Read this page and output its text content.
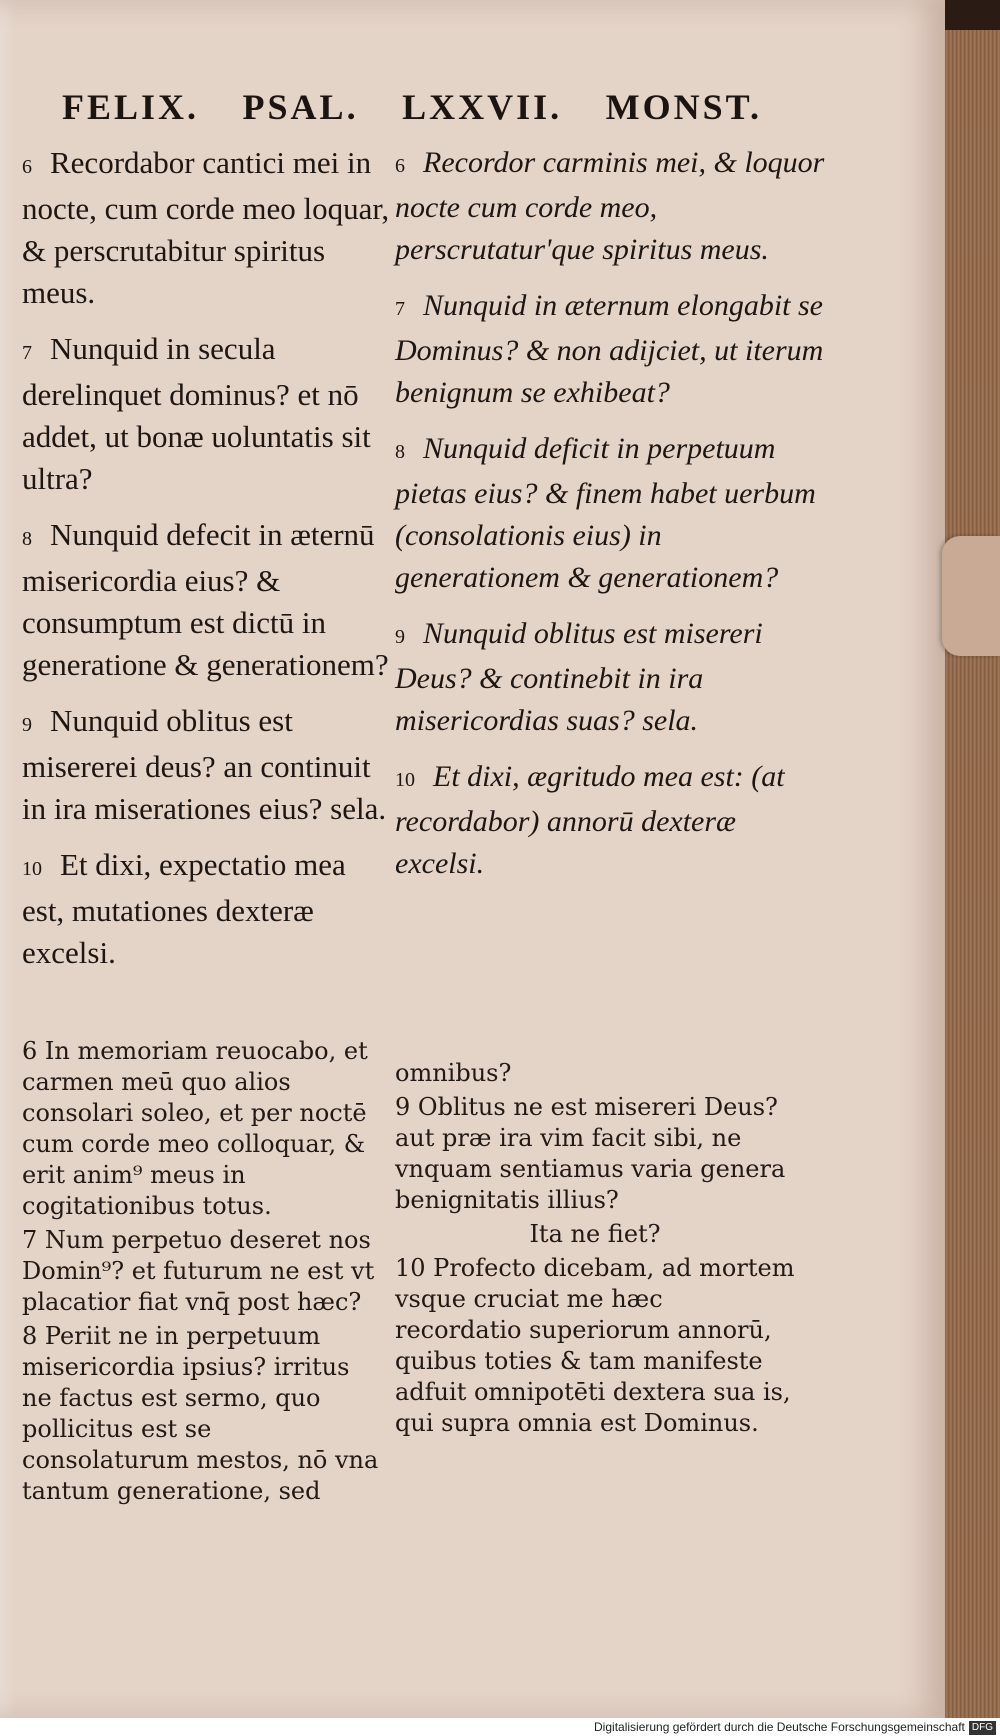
FELIX. PSAL. LXXVII. MONST.

6 Recordabor cantici mei in nocte, cum corde meo loquar, & perscrutabitur spiritus meus.

7 Nunquid in secula derelinquet dominus? et nō addet, ut bonæ uoluntatis sit ultra?

8 Nunquid defecit in æternū misericordia eius? & consumptum est dictū in generatione & generationem?

9 Nunquid oblitus est misererei deus? an continuit in ira miserationes eius? sela.

10 Et dixi, expectatio mea est, mutationes dexteræ excelsi.

6 Recordor carminis mei, & loquor nocte cum corde meo, perscrutatur'que spiritus meus.

7 Nunquid in æternum elongabit se Dominus? & non adijciet, ut iterum benignum se exhibeat?

8 Nunquid deficit in perpetuum pietas eius? & finem habet uerbum (consolationis eius) in generationem & generationem?

9 Nunquid oblitus est misereri Deus? & continebit in ira misericordias suas? sela.

10 Et dixi, ægritudo mea est: (at recordabor) annorū dexteræ excelsi.

6 In memoriam reuocabo, et carmen meū quo alios consolari soleo, et per noctē cum corde meo colloquar, & erit anim⁹ meus in cogitationibus totus.

7 Num perpetuo deseret nos Domin⁹? et futurum ne est vt placatior fiat vnq̄ post hæc?

8 Periit ne in perpetuum misericordia ipsius? irritus ne factus est sermo, quo pollicitus est se consolaturum mestos, nō vna tantum generatione, sed

omnibus?

9 Oblitus ne est misereri Deus? aut præ ira vim facit sibi, ne vnquam sentiamus varia genera benignitatis illius?

Ita ne fiet?

10 Profecto dicebam, ad mortem vsque cruciat me hæc recordatio superiorum annorū, quibus toties & tam manifeste adfuit omnipotēti dextera sua is, qui supra omnia est Dominus.

Digitalisierung gefördert durch die Deutsche Forschungsgemeinschaft DFG
